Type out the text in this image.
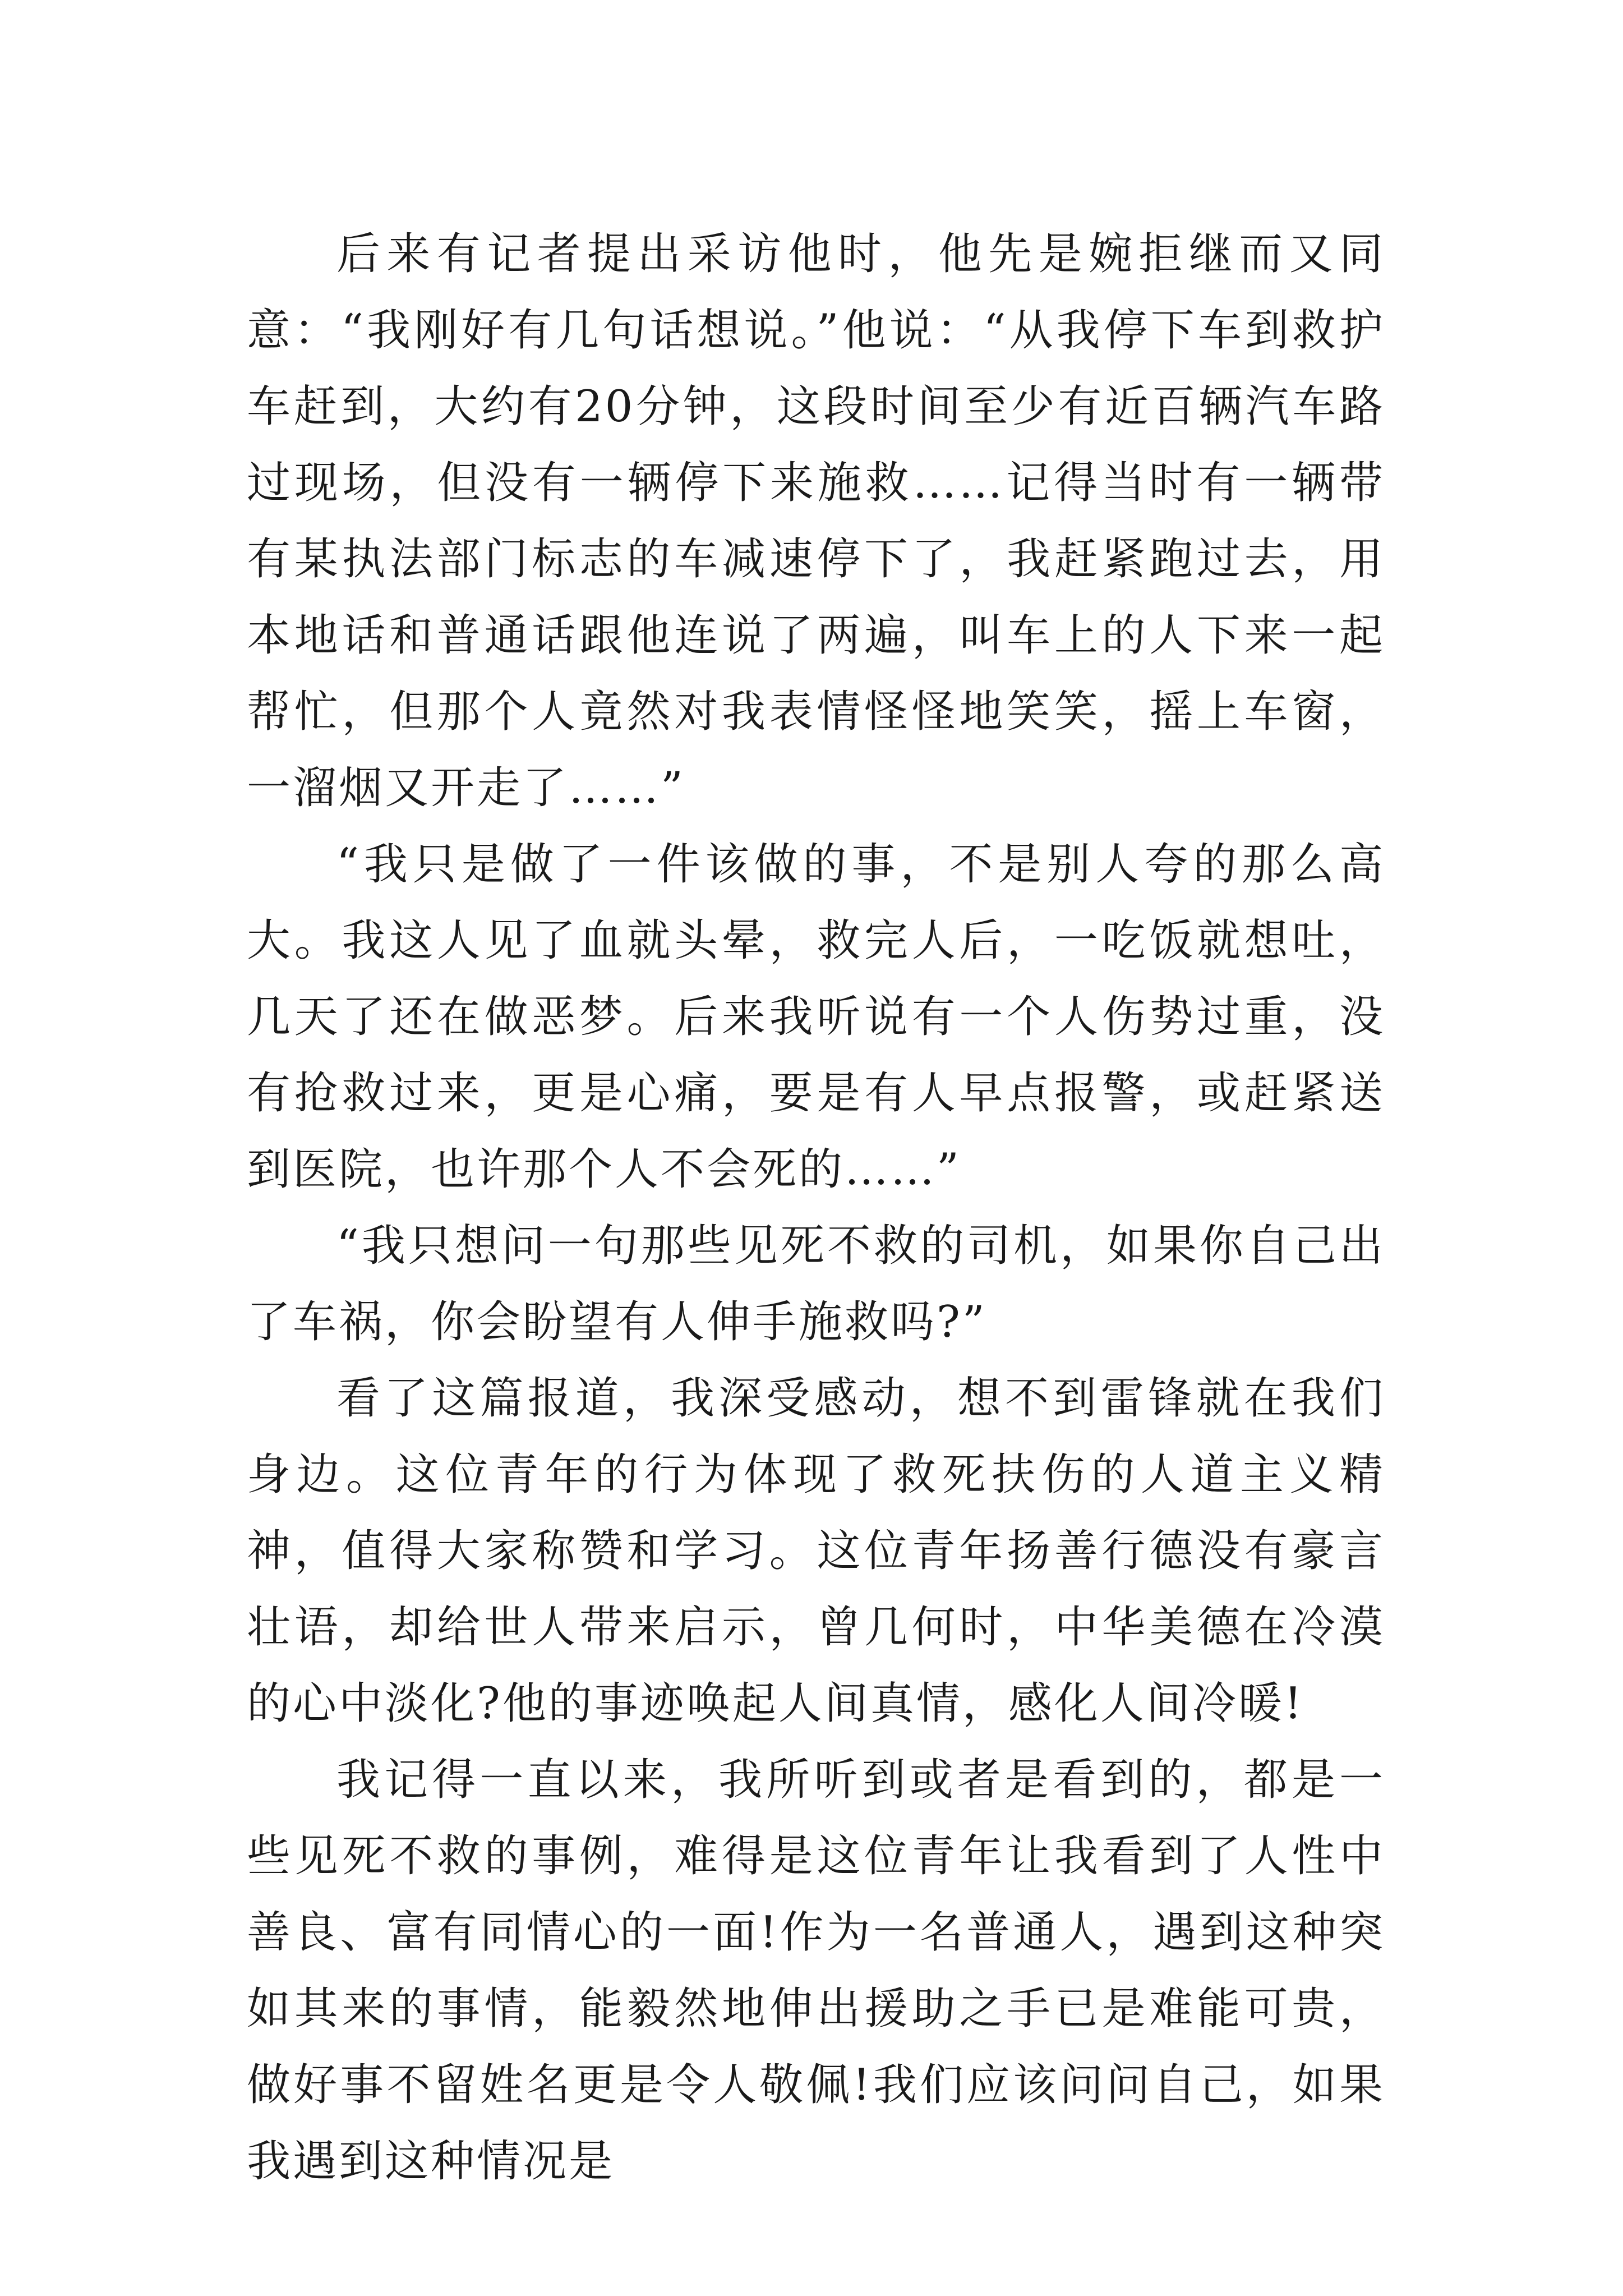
后来有记者提出采访他时，他先是婉拒继而又同意：“我刚好有几句话想说。”他说：“从我停下车到救护车赶到，大约有20分钟，这段时间至少有近百辆汽车路过现场，但没有一辆停下来施救……记得当时有一辆带有某执法部门标志的车减速停下了，我赶紧跑过去，用本地话和普通话跟他连说了两遍，叫车上的人下来一起帮忙，但那个人竟然对我表情怪怪地笑笑，摇上车窗，一溜烟又开走了……”

“我只是做了一件该做的事，不是别人夸的那么高大。我这人见了血就头晕，救完人后，一吃饭就想吐，几天了还在做恶梦。后来我听说有一个人伤势过重，没有抢救过来，更是心痛，要是有人早点报警，或赶紧送到医院，也许那个人不会死的……”

“我只想问一句那些见死不救的司机，如果你自己出了车祸，你会盼望有人伸手施救吗?”

看了这篇报道，我深受感动，想不到雷锋就在我们身边。这位青年的行为体现了救死扶伤的人道主义精神，值得大家称赞和学习。这位青年扬善行德没有豪言壮语，却给世人带来启示，曾几何时，中华美德在冷漠的心中淡化?他的事迹唤起人间真情，感化人间冷暖!

我记得一直以来，我所听到或者是看到的，都是一些见死不救的事例，难得是这位青年让我看到了人性中善良、富有同情心的一面!作为一名普通人，遇到这种突如其来的事情，能毅然地伸出援助之手已是难能可贵，做好事不留姓名更是令人敬佩!我们应该问问自己，如果我遇到这种情况是
